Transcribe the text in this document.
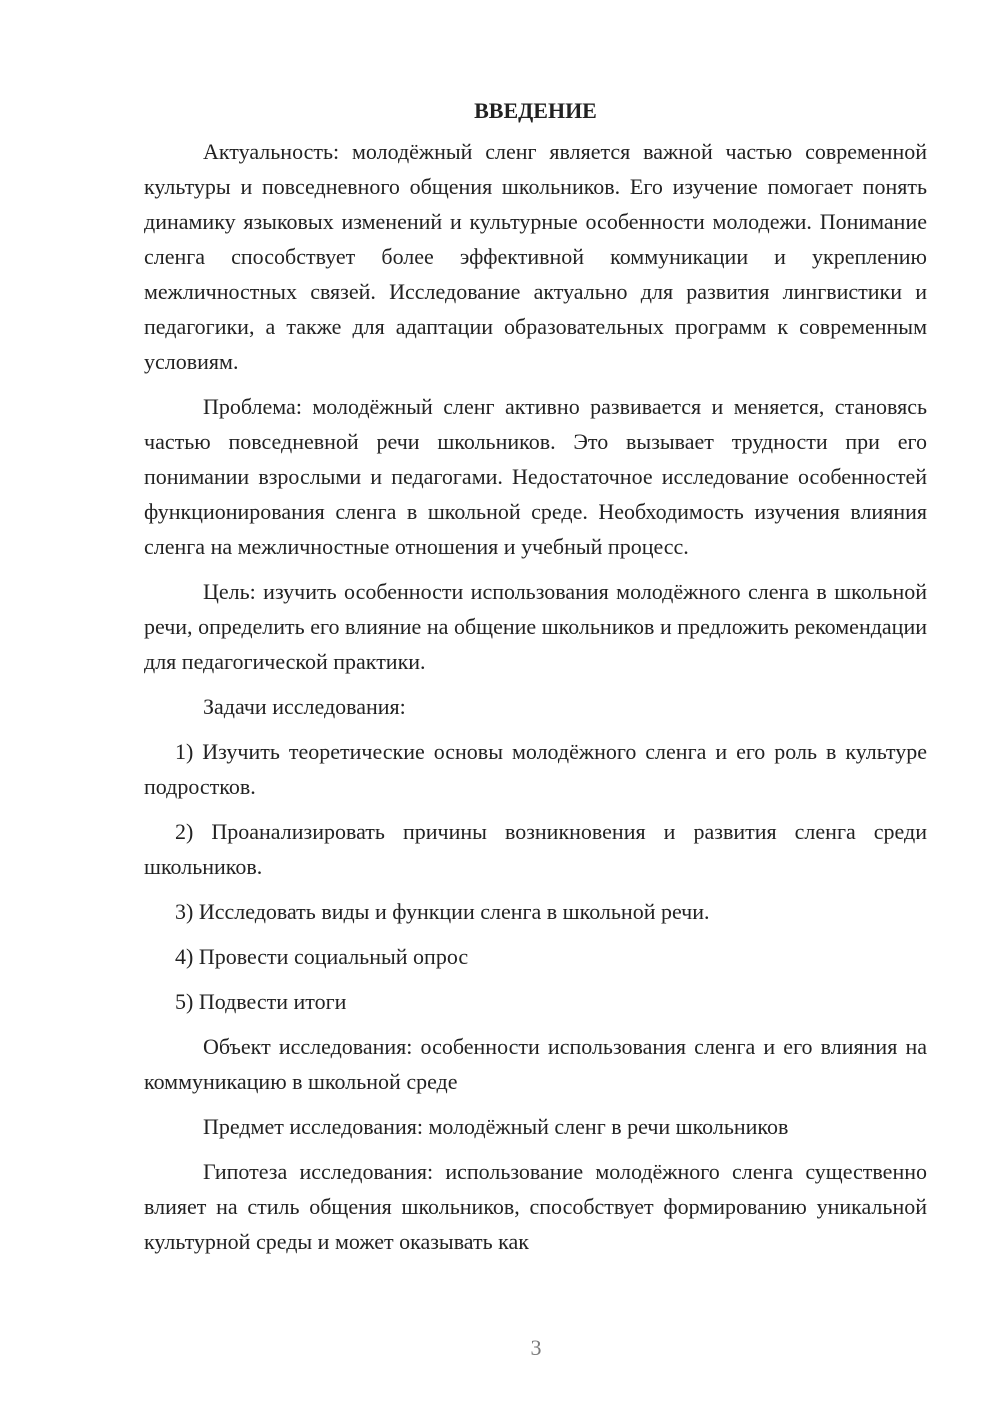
ВВЕДЕНИЕ

Актуальность: молодёжный сленг является важной частью современной культуры и повседневного общения школьников. Его изучение помогает понять динамику языковых изменений и культурные особенности молодежи. Понимание сленга способствует более эффективной коммуникации и укреплению межличностных связей. Исследование актуально для развития лингвистики и педагогики, а также для адаптации образовательных программ к современным условиям.

Проблема: молодёжный сленг активно развивается и меняется, становясь частью повседневной речи школьников. Это вызывает трудности при его понимании взрослыми и педагогами. Недостаточное исследование особенностей функционирования сленга в школьной среде. Необходимость изучения влияния сленга на межличностные отношения и учебный процесс.

Цель: изучить особенности использования молодёжного сленга в школьной речи, определить его влияние на общение школьников и предложить рекомендации для педагогической практики.

Задачи исследования:

1) Изучить теоретические основы молодёжного сленга и его роль в культуре подростков.

2) Проанализировать причины возникновения и развития сленга среди школьников.

3) Исследовать виды и функции сленга в школьной речи.

4) Провести социальный опрос

5) Подвести итоги

Объект исследования: особенности использования сленга и его влияния на коммуникацию в школьной среде

Предмет исследования: молодёжный сленг в речи школьников

Гипотеза исследования: использование молодёжного сленга существенно влияет на стиль общения школьников, способствует формированию уникальной культурной среды и может оказывать как

3
